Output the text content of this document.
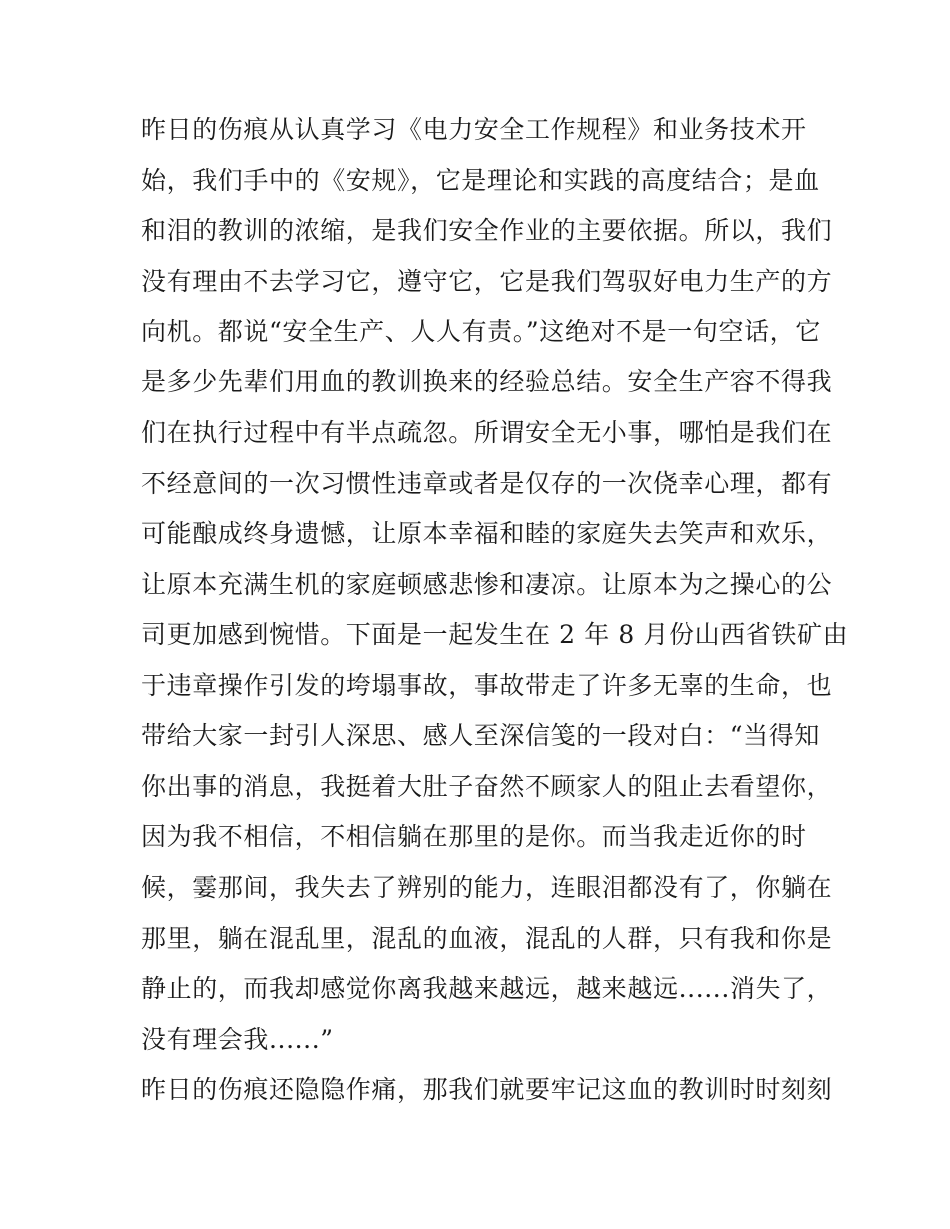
昨日的伤痕从认真学习《电力安全工作规程》和业务技术开
始，我们手中的《安规》，它是理论和实践的高度结合；是血
和泪的教训的浓缩，是我们安全作业的主要依据。所以，我们
没有理由不去学习它，遵守它，它是我们驾驭好电力生产的方
向机。都说“安全生产、人人有责。”这绝对不是一句空话，它
是多少先辈们用血的教训换来的经验总结。安全生产容不得我
们在执行过程中有半点疏忽。所谓安全无小事，哪怕是我们在
不经意间的一次习惯性违章或者是仅存的一次侥幸心理，都有
可能酿成终身遗憾，让原本幸福和睦的家庭失去笑声和欢乐，
让原本充满生机的家庭顿感悲惨和凄凉。让原本为之操心的公
司更加感到惋惜。下面是一起发生在 2 年 8 月份山西省铁矿由
于违章操作引发的垮塌事故，事故带走了许多无辜的生命，也
带给大家一封引人深思、感人至深信笺的一段对白：“当得知
你出事的消息，我挺着大肚子奋然不顾家人的阻止去看望你，
因为我不相信，不相信躺在那里的是你。而当我走近你的时
候，霎那间，我失去了辨别的能力，连眼泪都没有了，你躺在
那里，躺在混乱里，混乱的血液，混乱的人群，只有我和你是
静止的，而我却感觉你离我越来越远，越来越远......消失了，
没有理会我......”
昨日的伤痕还隐隐作痛，那我们就要牢记这血的教训时时刻刻
